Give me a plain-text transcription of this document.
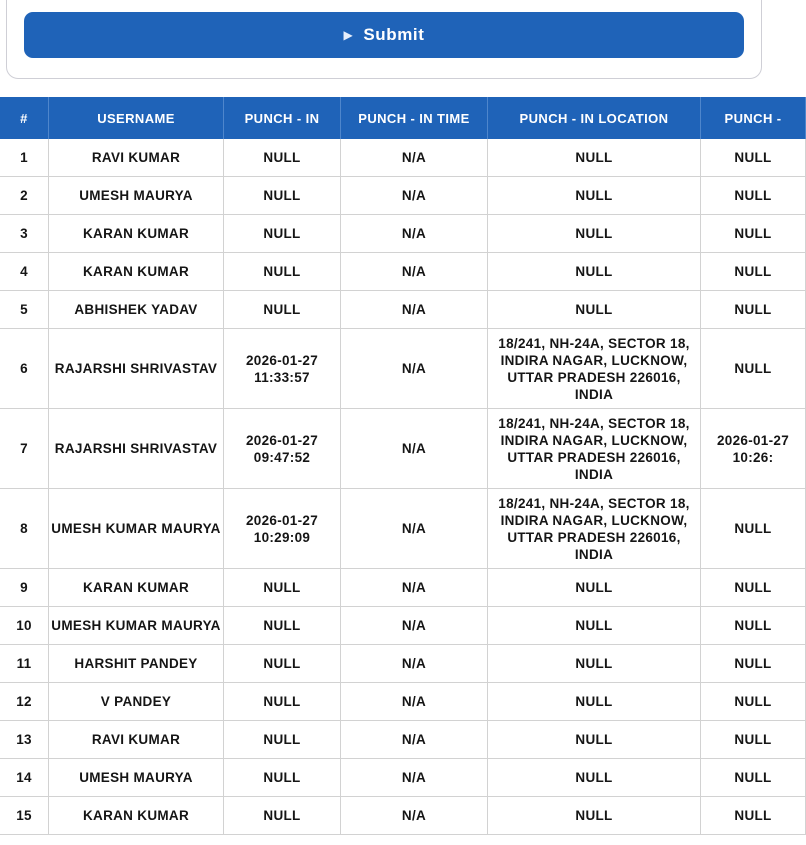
▶ Submit
#	USERNAME	PUNCH - IN	PUNCH - IN TIME	PUNCH - IN LOCATION	PUNCH -
1	RAVI KUMAR	NULL	N/A	NULL	NULL
2	UMESH MAURYA	NULL	N/A	NULL	NULL
3	KARAN KUMAR	NULL	N/A	NULL	NULL
4	KARAN KUMAR	NULL	N/A	NULL	NULL
5	ABHISHEK YADAV	NULL	N/A	NULL	NULL
6	RAJARSHI SHRIVASTAV	2026-01-27
11:33:57	N/A	18/241, NH-24A, SECTOR 18,
INDIRA NAGAR, LUCKNOW,
UTTAR PRADESH 226016,
INDIA	NULL
7	RAJARSHI SHRIVASTAV	2026-01-27
09:47:52	N/A	18/241, NH-24A, SECTOR 18,
INDIRA NAGAR, LUCKNOW,
UTTAR PRADESH 226016,
INDIA	2026-01-27
10:26:
8	UMESH KUMAR MAURYA	2026-01-27
10:29:09	N/A	18/241, NH-24A, SECTOR 18,
INDIRA NAGAR, LUCKNOW,
UTTAR PRADESH 226016,
INDIA	NULL
9	KARAN KUMAR	NULL	N/A	NULL	NULL
10	UMESH KUMAR MAURYA	NULL	N/A	NULL	NULL
11	HARSHIT PANDEY	NULL	N/A	NULL	NULL
12	V PANDEY	NULL	N/A	NULL	NULL
13	RAVI KUMAR	NULL	N/A	NULL	NULL
14	UMESH MAURYA	NULL	N/A	NULL	NULL
15	KARAN KUMAR	NULL	N/A	NULL	NULL
